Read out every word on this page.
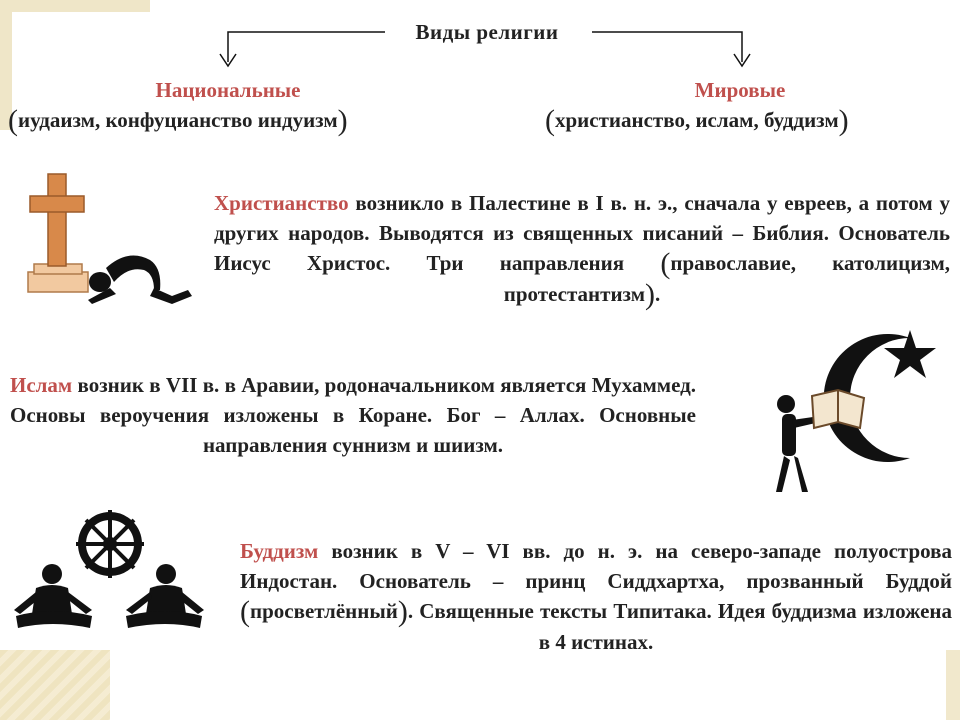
Виды религии
Национальные
(иудаизм, конфуцианство индуизм)
Мировые
(христианство, ислам, буддизм)
Христианство возникло в Палестине в I в. н. э., сначала у евреев, а потом у других народов. Выводятся из священных писаний – Библия. Основатель Иисус Христос. Три направления (православие, католицизм, протестантизм).
Ислам возник в VII в. в Аравии, родоначальником является Мухаммед. Основы вероучения изложены в Коране. Бог – Аллах. Основные направления суннизм и шиизм.
Буддизм возник в V – VI вв. до н. э. на северо-западе полуострова Индостан. Основатель – принц Сиддхартха, прозванный Буддой (просветлённый). Священные тексты Типитака. Идея буддизма изложена в 4 истинах.
